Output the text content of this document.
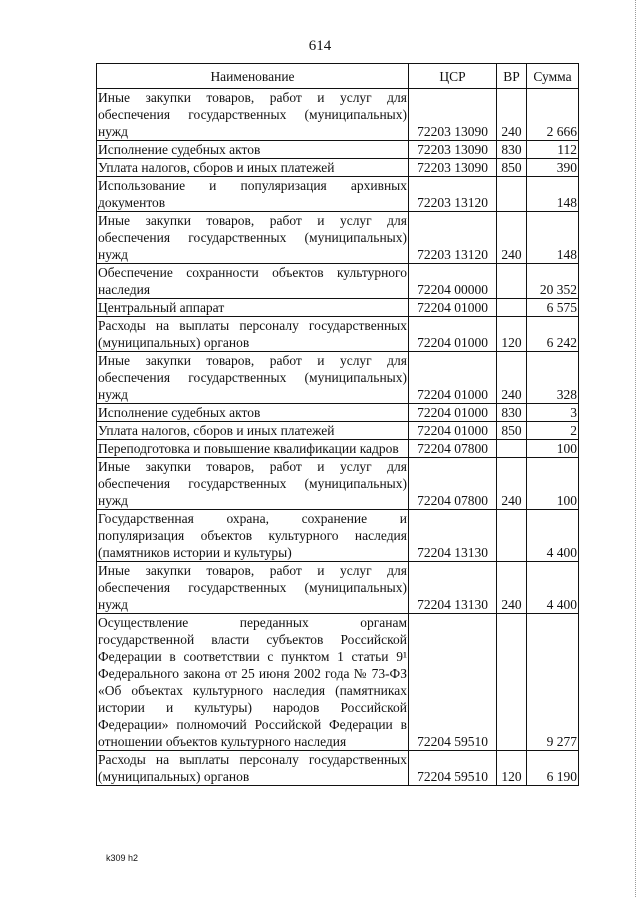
614
Наименование	ЦСР	ВР	Сумма
Иные закупки товаров, работ и услуг для обеспечения государственных (муниципальных) нужд	72203 13090	240	2 666
Исполнение судебных актов	72203 13090	830	112
Уплата налогов, сборов и иных платежей	72203 13090	850	390
Использование и популяризация архивных документов	72203 13120		148
Иные закупки товаров, работ и услуг для обеспечения государственных (муниципальных) нужд	72203 13120	240	148
Обеспечение сохранности объектов культурного наследия	72204 00000		20 352
Центральный аппарат	72204 01000		6 575
Расходы на выплаты персоналу государственных (муниципальных) органов	72204 01000	120	6 242
Иные закупки товаров, работ и услуг для обеспечения государственных (муниципальных) нужд	72204 01000	240	328
Исполнение судебных актов	72204 01000	830	3
Уплата налогов, сборов и иных платежей	72204 01000	850	2
Переподготовка и повышение квалификации кадров	72204 07800		100
Иные закупки товаров, работ и услуг для обеспечения государственных (муниципальных) нужд	72204 07800	240	100
Государственная охрана, сохранение и популяризация объектов культурного наследия (памятников истории и культуры)	72204 13130		4 400
Иные закупки товаров, работ и услуг для обеспечения государственных (муниципальных) нужд	72204 13130	240	4 400
Осуществление переданных органам государственной власти субъектов Российской Федерации в соответствии с пунктом 1 статьи 9¹ Федерального закона от 25 июня 2002 года № 73-ФЗ «Об объектах культурного наследия (памятниках истории и культуры) народов Российской Федерации» полномочий Российской Федерации в отношении объектов культурного наследия	72204 59510		9 277
Расходы на выплаты персоналу государственных (муниципальных) органов	72204 59510	120	6 190
k309 h2
